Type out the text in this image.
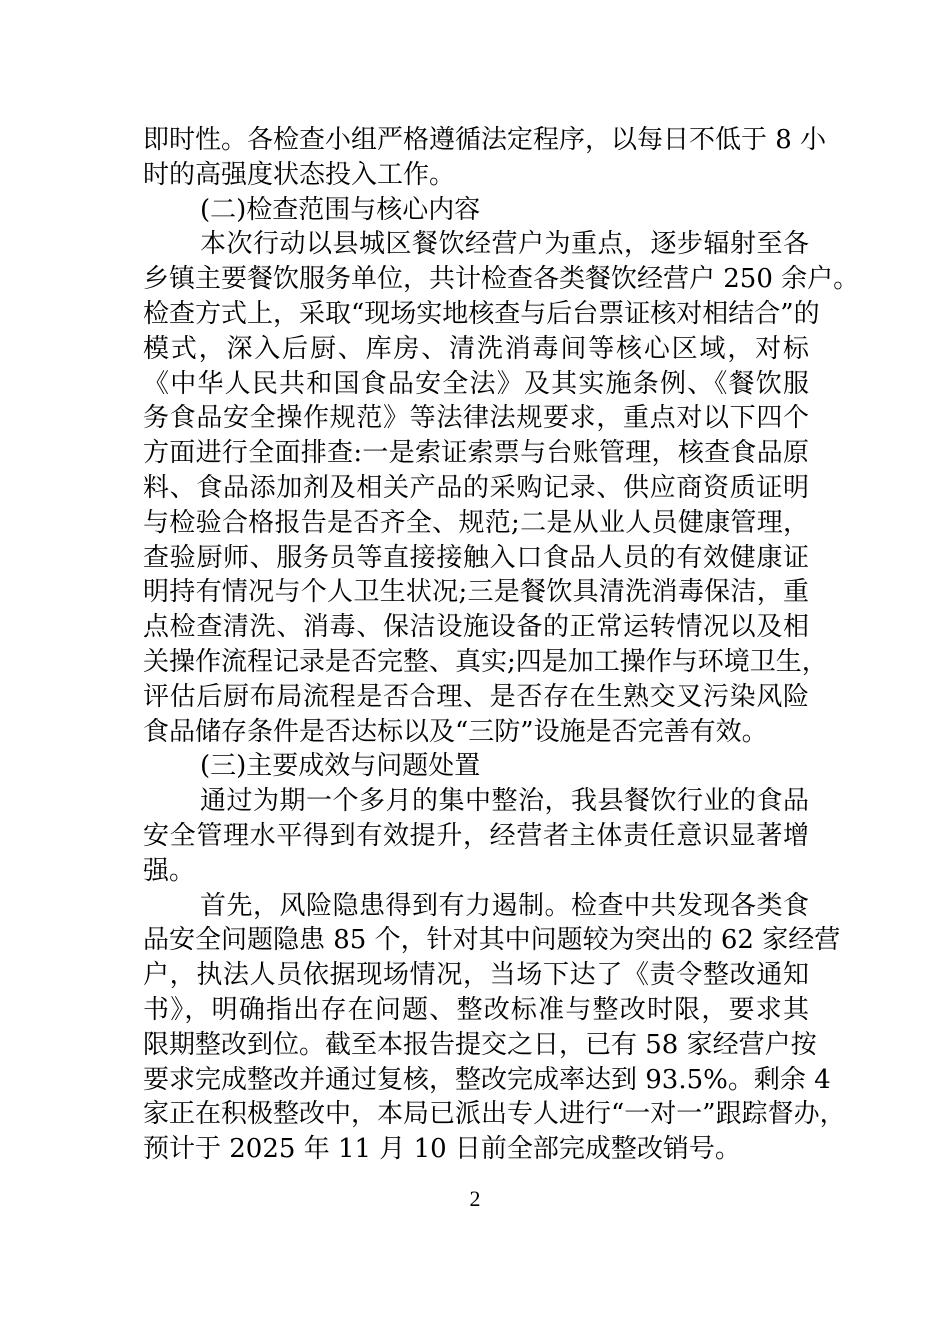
即时性。各检查小组严格遵循法定程序，以每日不低于 8 小
时的高强度状态投入工作。
(二)检查范围与核心内容
本次行动以县城区餐饮经营户为重点，逐步辐射至各
乡镇主要餐饮服务单位，共计检查各类餐饮经营户 250 余户。
检查方式上，采取“现场实地核查与后台票证核对相结合”的
模式，深入后厨、库房、清洗消毒间等核心区域，对标
《中华人民共和国食品安全法》及其实施条例、《餐饮服
务食品安全操作规范》等法律法规要求，重点对以下四个
方面进行全面排查:一是索证索票与台账管理，核查食品原
料、食品添加剂及相关产品的采购记录、供应商资质证明
与检验合格报告是否齐全、规范;二是从业人员健康管理，
查验厨师、服务员等直接接触入口食品人员的有效健康证
明持有情况与个人卫生状况;三是餐饮具清洗消毒保洁，重
点检查清洗、消毒、保洁设施设备的正常运转情况以及相
关操作流程记录是否完整、真实;四是加工操作与环境卫生，
评估后厨布局流程是否合理、是否存在生熟交叉污染风险
食品储存条件是否达标以及“三防”设施是否完善有效。
(三)主要成效与问题处置
通过为期一个多月的集中整治，我县餐饮行业的食品
安全管理水平得到有效提升，经营者主体责任意识显著增
强。
首先，风险隐患得到有力遏制。检查中共发现各类食
品安全问题隐患 85 个，针对其中问题较为突出的 62 家经营
户，执法人员依据现场情况，当场下达了《责令整改通知
书》，明确指出存在问题、整改标准与整改时限，要求其
限期整改到位。截至本报告提交之日，已有 58 家经营户按
要求完成整改并通过复核，整改完成率达到 93.5%。剩余 4
家正在积极整改中，本局已派出专人进行“一对一”跟踪督办，
预计于 2025 年 11 月 10 日前全部完成整改销号。
2
